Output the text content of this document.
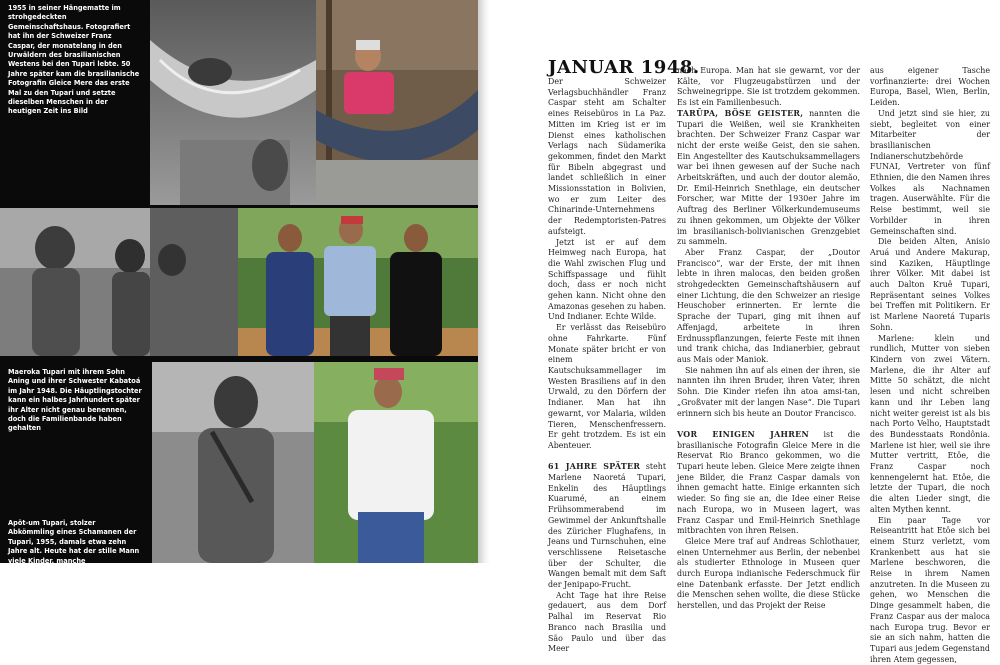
1955 in seiner Hängematte im strohgedeckten Gemeinschaftshaus. Fotografiert hat ihn der Schweizer Franz Caspar, der monatelang in den Urwäldern des brasilianischen Westens bei den Tupari lebte. 50 Jahre später kam die brasilianische Fotografin Gleice Mere das erste Mal zu den Tupari und setzte dieselben Menschen in der heutigen Zeit ins Bild

Maeroka Tupari mit ihrem Sohn Aning und ihrer Schwester Kabatoá im Jahr 1948. Die Häuptlingstochter kann ein halbes Jahrhundert später ihr Alter nicht genau benennen, doch die Familienbande haben gehalten

Apöt-um Tupari, stolzer Abkömmling eines Schamanen der Tupari, 1955, damals etwa zehn Jahre alt. Heute hat der stille Mann viele Kinder, manche

JANUAR 1948.

Der Schweizer Verlagsbuchhändler Franz Caspar steht am Schalter eines Reisebüros in La Paz. Mitten im Krieg ist er im Dienst eines katholischen Verlags nach Südamerika gekommen, findet den Markt für Bibeln abgegrast und landet schließlich in einer Missionsstation in Bolivien, wo er zum Leiter des Chinarinde-Unternehmens der Redemptoristen-Patres aufsteigt.

Jetzt ist er auf dem Heimweg nach Europa, hat die Wahl zwischen Flug und Schiffspassage und fühlt doch, dass er noch nicht gehen kann. Nicht ohne den Amazonas gesehen zu haben. Und Indianer. Echte Wilde.

Er verlässt das Reisebüro ohne Fahrkarte. Fünf Monate später bricht er von einem Kautschuksammellager im Westen Brasiliens auf in den Urwald, zu den Dörfern der Indianer. Man hat ihn gewarnt, vor Malaria, wilden Tieren, Menschenfressern. Er geht trotzdem. Es ist ein Abenteuer.

61 JAHRE SPÄTER steht Marlene Naoretá Tupari, Enkelin des Häuptlings Kuarumé, an einem Frühsommerabend im Gewimmel der Ankunftshalle des Züricher Flughafens, in Jeans und Turnschuhen, eine verschlissene Reisetasche über der Schulter, die Wangen bemalt mit dem Saft der Jenipapo-Frucht.

Acht Tage hat ihre Reise gedauert, aus dem Dorf Palhal im Reservat Rio Branco nach Brasilia und São Paulo und über das Meer

nach Europa. Man hat sie gewarnt, vor der Kälte, vor Flugzeugabstürzen und der Schweinegrippe. Sie ist trotzdem gekommen. Es ist ein Familienbesuch.

TARŨPA, BÖSE GEISTER, nannten die Tupari die Weißen, weil sie Krankheiten brachten. Der Schweizer Franz Caspar war nicht der erste weiße Geist, den sie sahen. Ein Angestellter des Kautschuksammellagers war bei ihnen gewesen auf der Suche nach Arbeitskräften, und auch der doutor alemão, Dr. Emil-Heinrich Snethlage, ein deutscher Forscher, war Mitte der 1930er Jahre im Auftrag des Berliner Völkerkundemuseums zu ihnen gekommen, um Objekte der Völker im brasilianisch-bolivianischen Grenzgebiet zu sammeln.

Aber Franz Caspar, der „Doutor Francisco“, war der Erste, der mit ihnen lebte in ihren malocas, den beiden großen strohgedeckten Gemeinschaftshäusern auf einer Lichtung, die den Schweizer an riesige Heuschober erinnerten. Er lernte die Sprache der Tupari, ging mit ihnen auf Affenjagd, arbeitete in ihren Erdnusspflanzungen, feierte Feste mit ihnen und trank chicha, das Indianerbier, gebraut aus Mais oder Maniok.

Sie nahmen ihn auf als einen der ihren, sie nannten ihn ihren Bruder, ihren Vater, ihren Sohn. Die Kinder riefen ihn atoa amsi-tan, „Großvater mit der langen Nase“. Die Tupari erinnern sich bis heute an Doutor Francisco.

VOR EINIGEN JAHREN ist die brasilianische Fotografin Gleice Mere in die Reservat Rio Branco gekommen, wo die Tupari heute leben. Gleice Mere zeigte ihnen jene Bilder, die Franz Caspar damals von ihnen gemacht hatte. Einige erkannten sich wieder. So fing sie an, die Idee einer Reise nach Europa, wo in Museen lagert, was Franz Caspar und Emil-Heinrich Snethlage mitbrachten von ihren Reisen.

Gleice Mere traf auf Andreas Schlothauer, einen Unternehmer aus Berlin, der nebenbei als studierter Ethnologe in Museen quer durch Europa indianische Federschmuck für eine Datenbank erfasste. Der Jetzt endlich die Menschen sehen wollte, die diese Stücke herstellen, und das Projekt der Reise

aus eigener Tasche vorfinanzierte: drei Wochen Europa, Basel, Wien, Berlin, Leiden.

Und jetzt sind sie hier, zu siebt, begleitet von einer Mitarbeiter der brasilianischen Indianerschutzbehörde FUNAI, Vertreter von fünf Ethnien, die den Namen ihres Volkes als Nachnamen tragen. Auserwählte. Für die Reise bestimmt, weil sie Vorbilder in ihren Gemeinschaften sind.

Die beiden Alten, Anisio Aruá und Andere Makurap, sind Kaziken, Häuptlinge ihrer Völker. Mit dabei ist auch Dalton Kruê Tupari, Repräsentant seines Volkes bei Treffen mit Politikern. Er ist Marlene Naoretá Tuparis Sohn.

Marlene: klein und rundlich, Mutter von sieben Kindern von zwei Vätern. Marlene, die ihr Alter auf Mitte 50 schätzt, die nicht lesen und nicht schreiben kann und ihr Leben lang nicht weiter gereist ist als bis nach Porto Velho, Hauptstadt des Bundesstaats Rondônia. Marlene ist hier, weil sie ihre Mutter vertritt, Etôe, die Franz Caspar noch kennengelernt hat. Etôe, die letzte der Tupari, die noch die alten Lieder singt, die alten Mythen kennt.

Ein paar Tage vor Reiseantritt hat Etôe sich bei einem Sturz verletzt, vom Krankenbett aus hat sie Marlene beschworen, die Reise in ihrem Namen anzutreten. In die Museen zu gehen, wo Menschen die Dinge gesammelt haben, die Franz Caspar aus der maloca nach Europa trug. Bevor er sie an sich nahm, hatten die Tupari aus jedem Gegenstand ihren Atem gegessen,
